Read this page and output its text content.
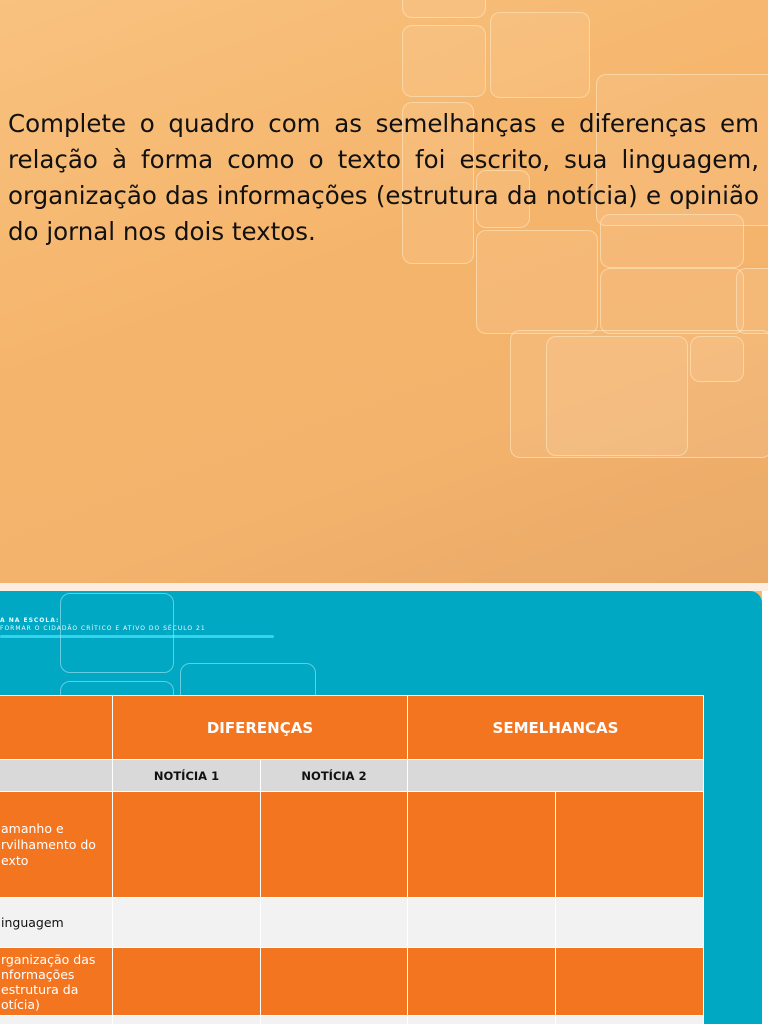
Complete o quadro com as semelhanças e diferenças em relação à forma como o texto foi escrito, sua linguagem, organização das informações (estrutura da notícia) e opinião do jornal nos dois textos.

A NA ESCOLA:
FORMAR O CIDADÃO CRÍTICO E ATIVO DO SÉCULO 21
	DIFERENÇAS		SEMELHANCAS	
	NOTÍCIA 1	NOTÍCIA 2		

amanho e
rvilhamento do
exto				

inguagem				

rganização das
nformações
estrutura da
otícia)				
